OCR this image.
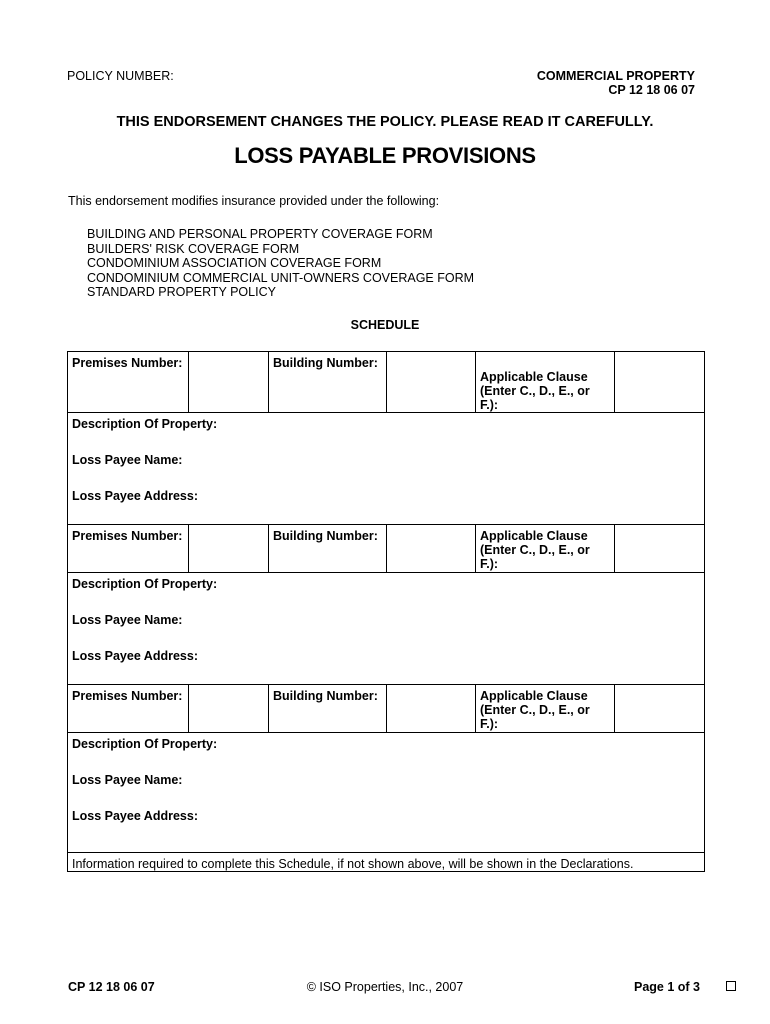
POLICY NUMBER:	COMMERCIAL PROPERTY
CP 12 18 06 07
THIS ENDORSEMENT CHANGES THE POLICY. PLEASE READ IT CAREFULLY.
LOSS PAYABLE PROVISIONS
This endorsement modifies insurance provided under the following:
BUILDING AND PERSONAL PROPERTY COVERAGE FORM
BUILDERS' RISK COVERAGE FORM
CONDOMINIUM ASSOCIATION COVERAGE FORM
CONDOMINIUM COMMERCIAL UNIT-OWNERS COVERAGE FORM
STANDARD PROPERTY POLICY
SCHEDULE
Premises Number:		Building Number:		Applicable Clause (Enter C., D., E., or F.):	

Description Of Property:
Loss Payee Name:
Loss Payee Address:					

Premises Number:		Building Number:		Applicable Clause (Enter C., D., E., or F.):	

Description Of Property:
Loss Payee Name:
Loss Payee Address:					

Premises Number:		Building Number:		Applicable Clause (Enter C., D., E., or F.):	

Description Of Property:
Loss Payee Name:
Loss Payee Address:					

Information required to complete this Schedule, if not shown above, will be shown in the Declarations.					
CP 12 18 06 07	© ISO Properties, Inc., 2007	Page 1 of 3
